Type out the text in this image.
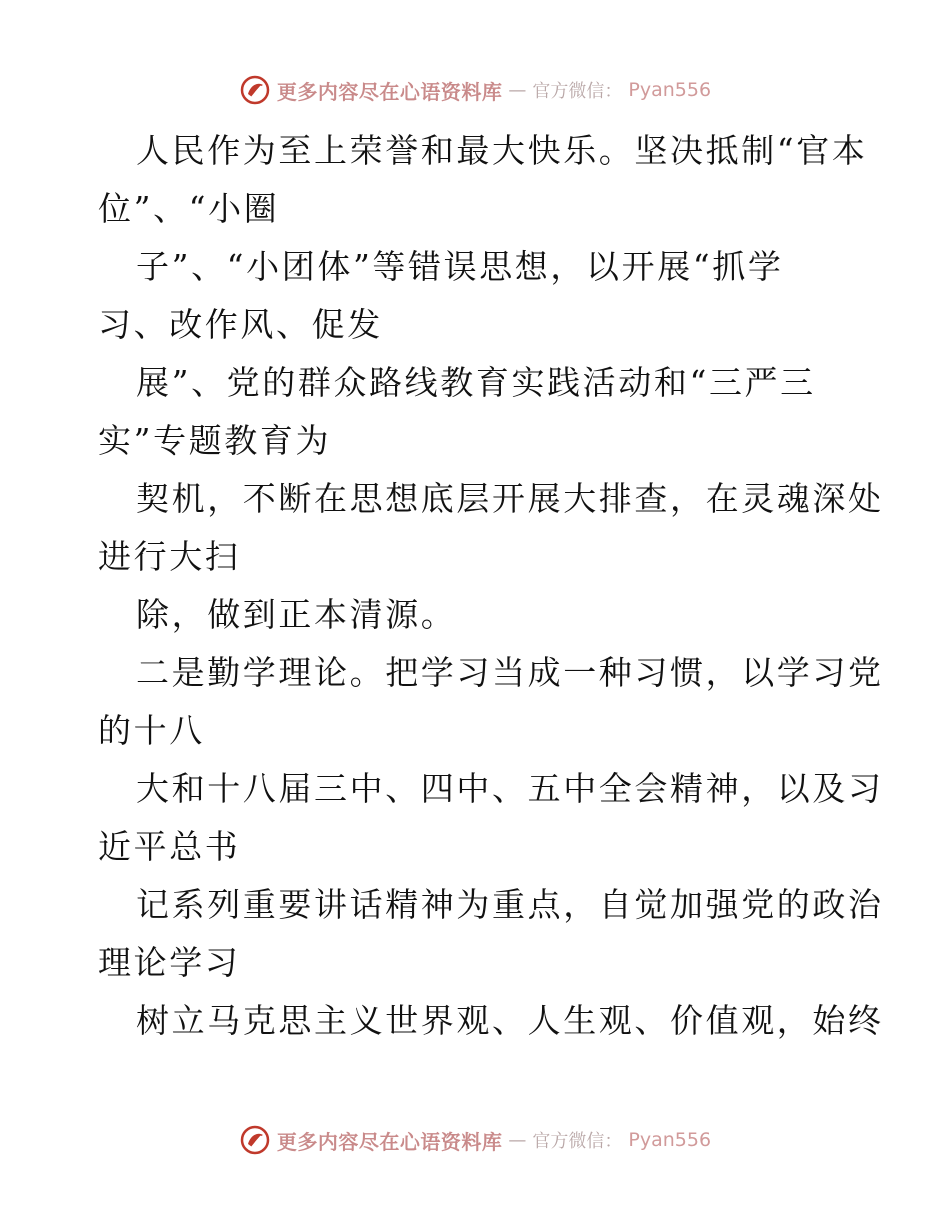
更多内容尽在心语资料库 — 官方微信： Pyan556
人民作为至上荣誉和最大快乐。坚决抵制“官本
位”、“小圈
子”、“小团体”等错误思想，以开展“抓学
习、改作风、促发
展”、党的群众路线教育实践活动和“三严三
实”专题教育为
契机，不断在思想底层开展大排查，在灵魂深处
进行大扫
除，做到正本清源。
二是勤学理论。把学习当成一种习惯，以学习党
的十八
大和十八届三中、四中、五中全会精神，以及习
近平总书
记系列重要讲话精神为重点，自觉加强党的政治
理论学习
树立马克思主义世界观、人生观、价值观，始终
更多内容尽在心语资料库 — 官方微信： Pyan556
